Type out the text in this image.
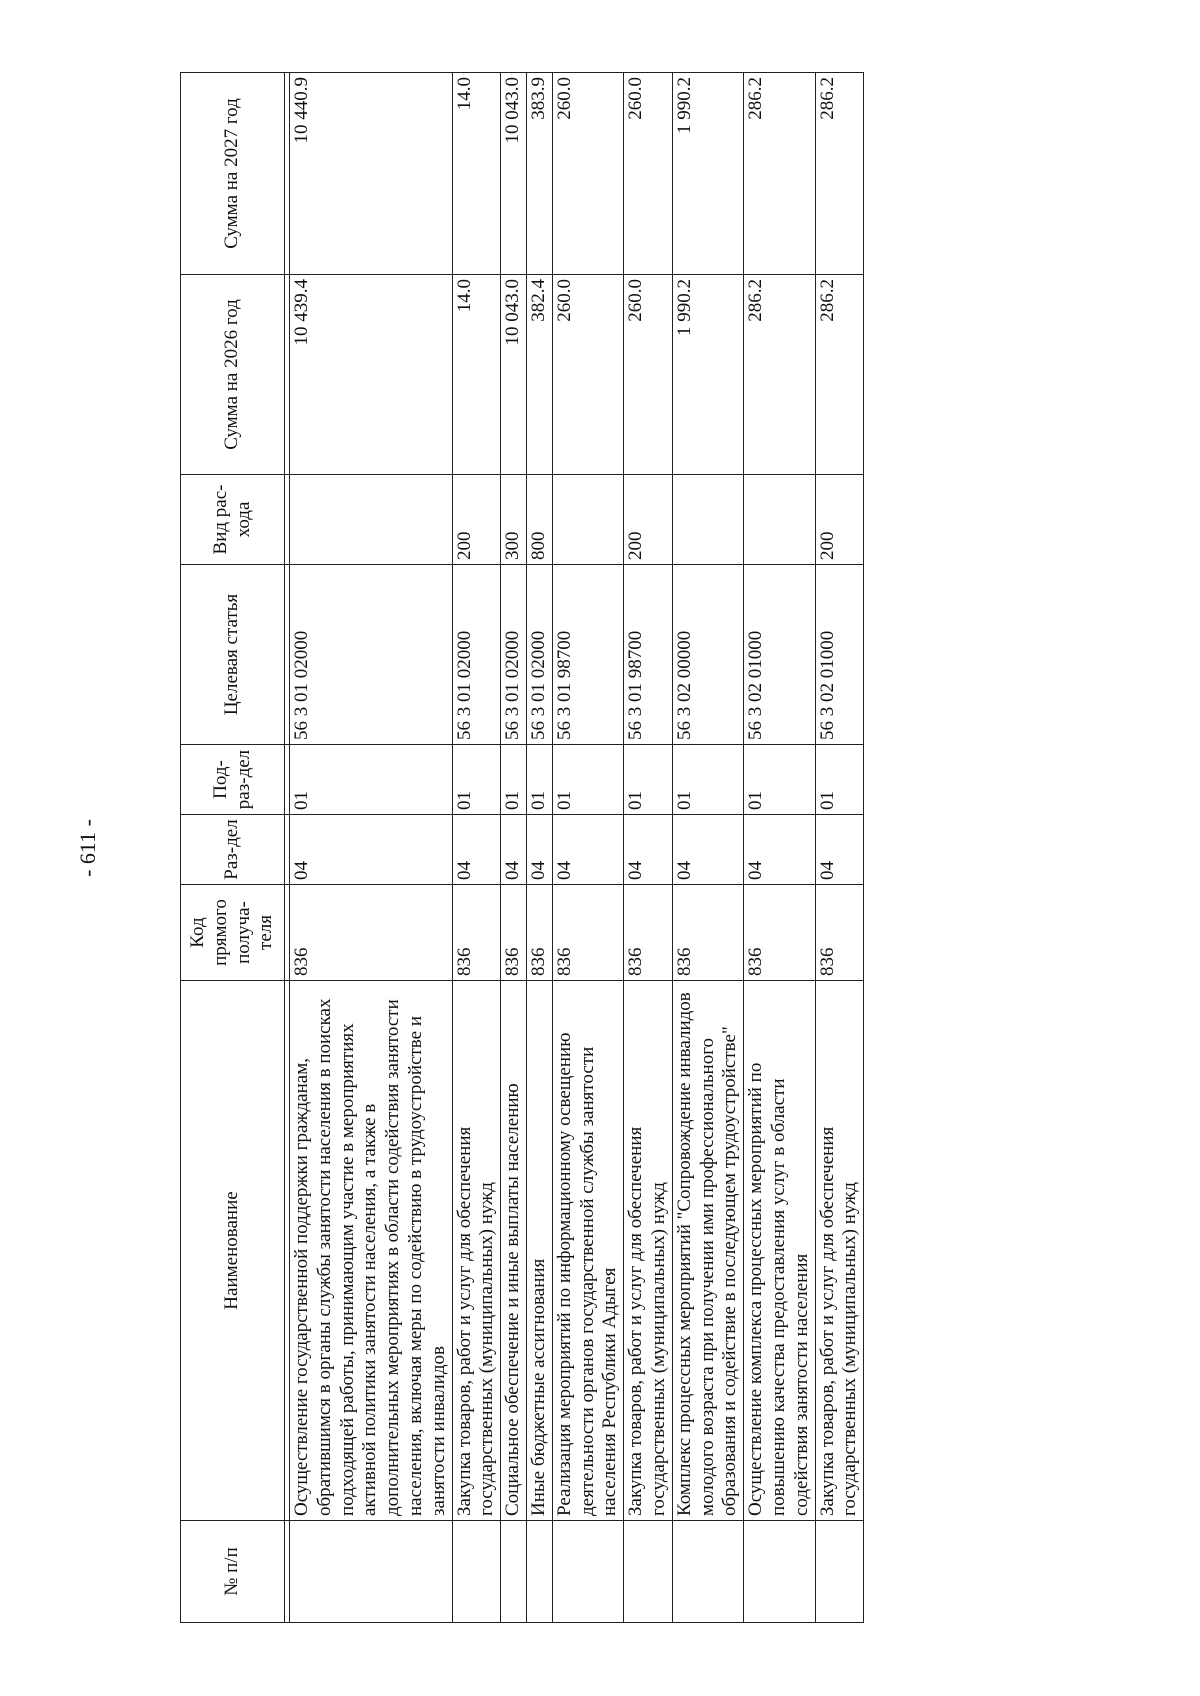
- 611 -
№ п/п	Наименование	Код прямого получа-теля	Раз-дел	Под-раз-дел	Целевая статья	Вид рас-хода	Сумма на 2026 год	Сумма на 2027 год

	Осуществление государственной поддержки гражданам, обратившимся в органы службы занятости населения в поисках подходящей работы, принимающим участие в мероприятиях активной политики занятости населения, а также в дополнительных мероприятиях в области содействия занятости населения, включая меры по содействию в трудоустройстве и занятости инвалидов	836	04	01	56 3 01 02000		10 439.4	10 440.9
	Закупка товаров, работ и услуг для обеспечения государственных (муниципальных) нужд	836	04	01	56 3 01 02000	200	14.0	14.0
	Социальное обеспечение и иные выплаты населению	836	04	01	56 3 01 02000	300	10 043.0	10 043.0
	Иные бюджетные ассигнования	836	04	01	56 3 01 02000	800	382.4	383.9
	Реализация мероприятий по информационному освещению деятельности органов государственной службы занятости населения Республики Адыгея	836	04	01	56 3 01 98700		260.0	260.0
	Закупка товаров, работ и услуг для обеспечения государственных (муниципальных) нужд	836	04	01	56 3 01 98700	200	260.0	260.0
	Комплекс процессных мероприятий "Сопровождение инвалидов молодого возраста при получении ими профессионального образования и содействие в последующем трудоустройстве"	836	04	01	56 3 02 00000		1 990.2	1 990.2
	Осуществление комплекса процессных мероприятий по повышению качества предоставления услуг в области содействия занятости населения	836	04	01	56 3 02 01000		286.2	286.2
	Закупка товаров, работ и услуг для обеспечения государственных (муниципальных) нужд	836	04	01	56 3 02 01000	200	286.2	286.2
